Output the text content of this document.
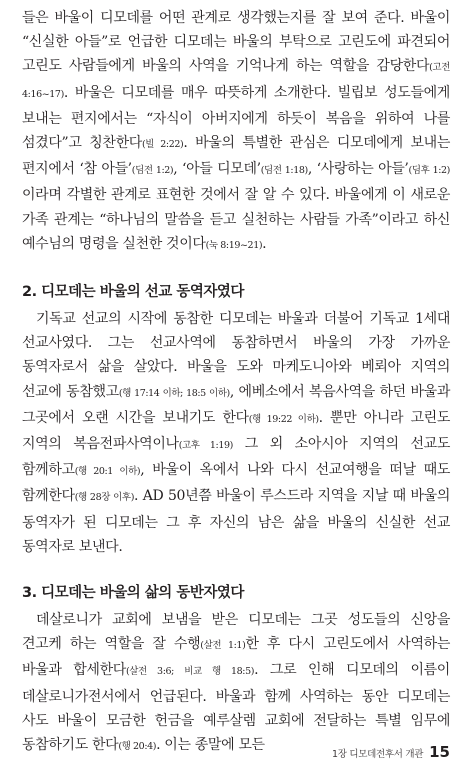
들은 바울이 디모데를 어떤 관계로 생각했는지를 잘 보여 준다. 바울이 “신실한 아들”로 언급한 디모데는 바울의 부탁으로 고린도에 파견되어 고린도 사람들에게 바울의 사역을 기억나게 하는 역할을 감당한다(고전 4:16~17). 바울은 디모데를 매우 따뜻하게 소개한다. 빌립보 성도들에게 보내는 편지에서는 “자식이 아버지에게 하듯이 복음을 위하여 나를 섬겼다”고 칭찬한다(빌 2:22). 바울의 특별한 관심은 디모데에게 보내는 편지에서 ‘참 아들’(딤전 1:2), ‘아들 디모데’(딤전 1:18), ‘사랑하는 아들’(딤후 1:2)이라며 각별한 관계로 표현한 것에서 잘 알 수 있다. 바울에게 이 새로운 가족 관계는 “하나님의 말씀을 듣고 실천하는 사람들 가족”이라고 하신 예수님의 명령을 실천한 것이다(눅 8:19~21).

2. 디모데는 바울의 선교 동역자였다

기독교 선교의 시작에 동참한 디모데는 바울과 더불어 기독교 1세대 선교사였다. 그는 선교사역에 동참하면서 바울의 가장 가까운 동역자로서 삶을 살았다. 바울을 도와 마케도니아와 베뢰아 지역의 선교에 동참했고(행 17:14 이하; 18:5 이하), 에베소에서 복음사역을 하던 바울과 그곳에서 오랜 시간을 보내기도 한다(행 19:22 이하). 뿐만 아니라 고린도 지역의 복음전파사역이나(고후 1:19) 그 외 소아시아 지역의 선교도 함께하고(행 20:1 이하), 바울이 옥에서 나와 다시 선교여행을 떠날 때도 함께한다(행 28장 이후). AD 50년쯤 바울이 루스드라 지역을 지날 때 바울의 동역자가 된 디모데는 그 후 자신의 남은 삶을 바울의 신실한 선교 동역자로 보낸다.

3. 디모데는 바울의 삶의 동반자였다

데살로니가 교회에 보냄을 받은 디모데는 그곳 성도들의 신앙을 견고케 하는 역할을 잘 수행(살전 1:1)한 후 다시 고린도에서 사역하는 바울과 합세한다(살전 3:6; 비교 행 18:5). 그로 인해 디모데의 이름이 데살로니가전서에서 언급된다. 바울과 함께 사역하는 동안 디모데는 사도 바울이 모금한 헌금을 예루살렘 교회에 전달하는 특별 임무에 동참하기도 한다(행 20:4). 이는 종말에 모든

1장 디모데전후서 개관 15
